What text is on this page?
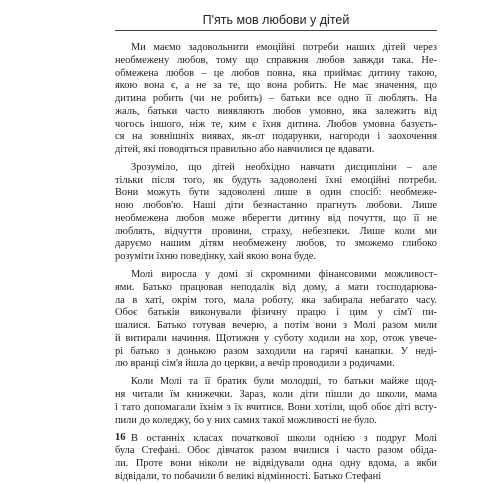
П'ять мов любови у дітей
Ми маємо задовольнити емоційні потреби наших дітей через
необмежену любов, тому що справжня любов завжди така. Не-
обмежена любов – це любов повна, яка приймає дитину такою,
якою вона є, а не за те, що вона робить. Не має значення, що
дитина робить (чи не робить) – батьки все одно її люблять. На
жаль, батьки часто виявляють любов умовно, яка залежить від
чогось іншого, ніж те, ким є їхня дитина. Любов умовна базуєть-
ся на зовнішніх виявах, як-от подарунки, нагороди і заохочення
дітей, які поводяться правильно або навчилися це вдавати.
Зрозуміло, що дітей необхідно навчати дисципліни – але
тільки після того, як будуть задоволені їхні емоційні потреби.
Вони можуть бути задоволені лише в один спосіб: необмеже-
ною любов'ю. Наші діти безнастанно прагнуть любови. Лише
необмежена любов може вберегти дитину від почуття, що її не
люблять, відчуття провини, страху, небезпеки. Лише коли ми
даруємо нашим дітям необмежену любов, то зможемо глибоко
розуміти їхню поведінку, хай якою вона буде.
Молі виросла у домі зі скромними фінансовими можливост-
ями. Батько працював неподалік від дому, а мати господарюва-
ла в хаті, окрім того, мала роботу, яка забирала небагато часу.
Обоє батьків виконували фізичну працю і цим у сім'ї пи-
шалися. Батько готував вечерю, а потім вони з Молі разом мили
й витирали начиння. Щотижня у суботу ходили на хор, отож увече-
рі батько з донькою разом заходили на гарячі канапки. У неді-
лю вранці сім'я йшла до церкви, а вечір проводили з родичами.
Коли Молі та її братик були молодші, то батьки майже щод-
ня читали їм книжечки. Зараз, коли діти пішли до школи, мама
і тато допомагали їхнім з їх вчитися. Вони хотіли, щоб обоє діті всту-
пили до коледжу, бо у них самих такої можливості не було.
В останніх класах початкової школи однією з подруг Молі
була Стефані. Обоє дівчаток разом вчилися і часто разом обіда-
ли. Проте вони ніколи не відвідували одна одну вдома, а якби
відвідали, то побачили б великі відмінності. Батько Стефані
16
